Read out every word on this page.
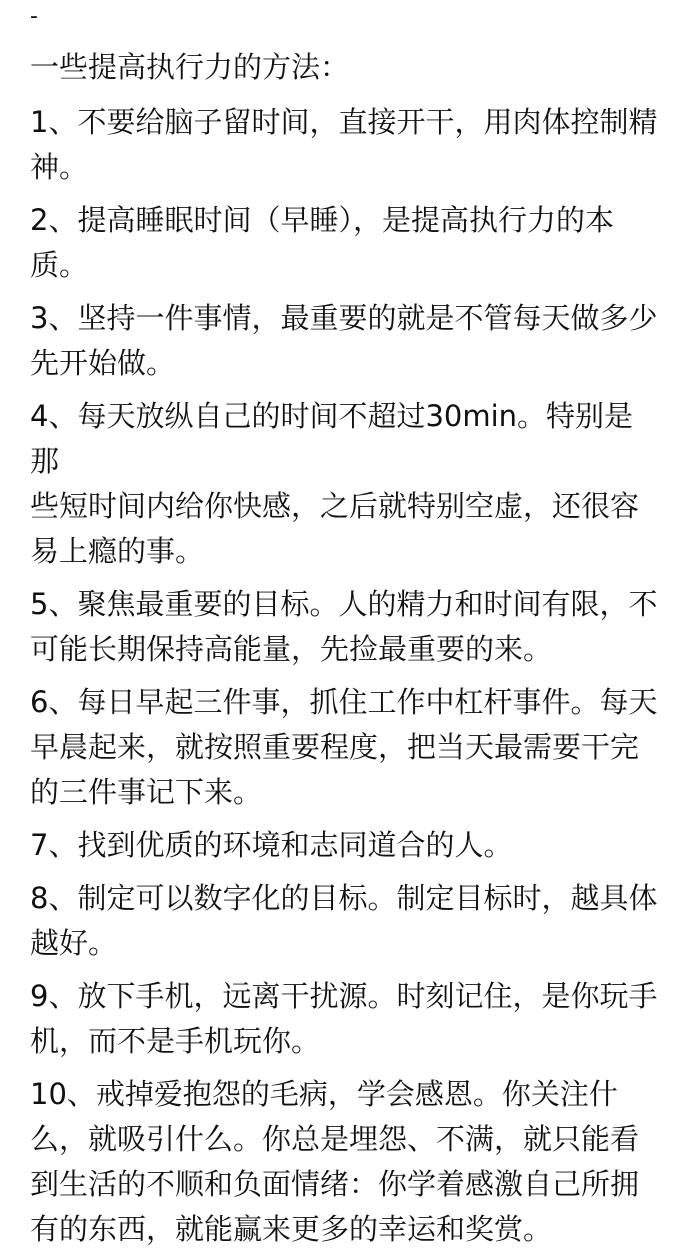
-
一些提高执行力的方法：
1、不要给脑子留时间，直接开干，用肉体控制精
神。
2、提高睡眠时间（早睡），是提高执行力的本质。
3、坚持一件事情，最重要的就是不管每天做多少
先开始做。
4、每天放纵自己的时间不超过30min。特别是那
些短时间内给你快感，之后就特别空虚，还很容
易上瘾的事。
5、聚焦最重要的目标。人的精力和时间有限，不
可能长期保持高能量，先捡最重要的来。
6、每日早起三件事，抓住工作中杠杆事件。每天
早晨起来，就按照重要程度，把当天最需要干完
的三件事记下来。
7、找到优质的环境和志同道合的人。
8、制定可以数字化的目标。制定目标时，越具体
越好。
9、放下手机，远离干扰源。时刻记住，是你玩手
机，而不是手机玩你。
10、戒掉爱抱怨的毛病，学会感恩。你关注什
么，就吸引什么。你总是埋怨、不满，就只能看
到生活的不顺和负面情绪：你学着感激自己所拥
有的东西，就能赢来更多的幸运和奖赏。
